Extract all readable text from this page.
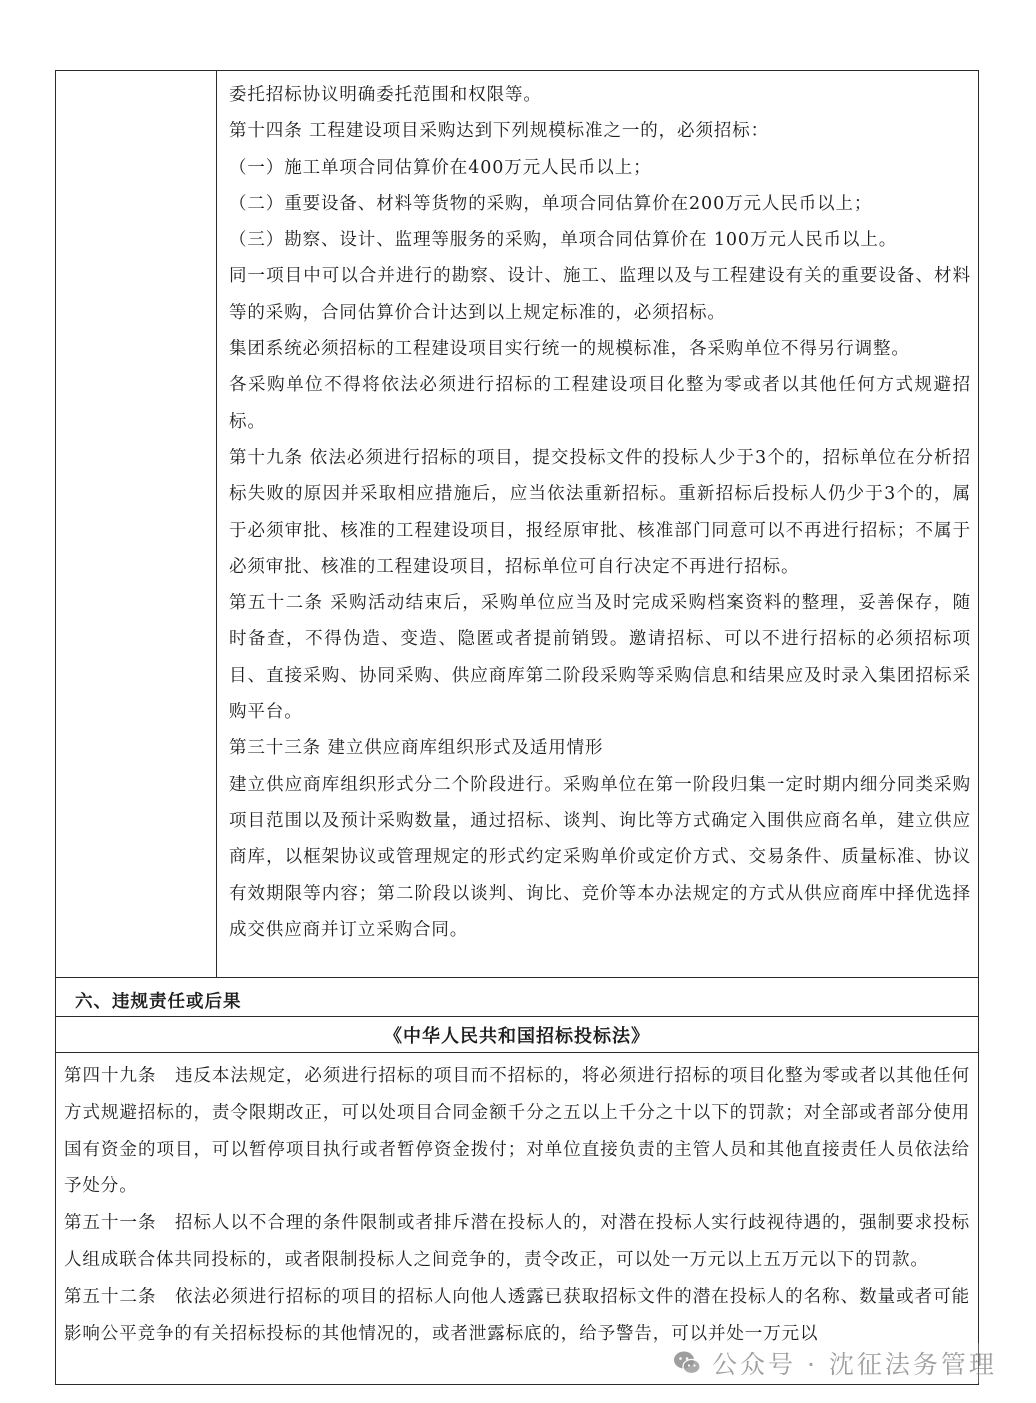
委托招标协议明确委托范围和权限等。

第十四条 工程建设项目采购达到下列规模标准之一的，必须招标：

（一）施工单项合同估算价在400万元人民币以上；

（二）重要设备、材料等货物的采购，单项合同估算价在200万元人民币以上；

（三）勘察、设计、监理等服务的采购，单项合同估算价在 100万元人民币以上。

同一项目中可以合并进行的勘察、设计、施工、监理以及与工程建设有关的重要设备、材料等的采购，合同估算价合计达到以上规定标准的，必须招标。

集团系统必须招标的工程建设项目实行统一的规模标准，各采购单位不得另行调整。

各采购单位不得将依法必须进行招标的工程建设项目化整为零或者以其他任何方式规避招标。

第十九条 依法必须进行招标的项目，提交投标文件的投标人少于3个的，招标单位在分析招标失败的原因并采取相应措施后，应当依法重新招标。重新招标后投标人仍少于3个的，属于必须审批、核准的工程建设项目，报经原审批、核准部门同意可以不再进行招标；不属于必须审批、核准的工程建设项目，招标单位可自行决定不再进行招标。

第五十二条 采购活动结束后，采购单位应当及时完成采购档案资料的整理，妥善保存，随时备查，不得伪造、变造、隐匿或者提前销毁。邀请招标、可以不进行招标的必须招标项目、直接采购、协同采购、供应商库第二阶段采购等采购信息和结果应及时录入集团招标采购平台。

第三十三条 建立供应商库组织形式及适用情形

建立供应商库组织形式分二个阶段进行。采购单位在第一阶段归集一定时期内细分同类采购项目范围以及预计采购数量，通过招标、谈判、询比等方式确定入围供应商名单，建立供应商库，以框架协议或管理规定的形式约定采购单价或定价方式、交易条件、质量标准、协议有效期限等内容；第二阶段以谈判、询比、竞价等本办法规定的方式从供应商库中择优选择成交供应商并订立采购合同。

六、违规责任或后果
《中华人民共和国招标投标法》

第四十九条　违反本法规定，必须进行招标的项目而不招标的，将必须进行招标的项目化整为零或者以其他任何方式规避招标的，责令限期改正，可以处项目合同金额千分之五以上千分之十以下的罚款；对全部或者部分使用国有资金的项目，可以暂停项目执行或者暂停资金拨付；对单位直接负责的主管人员和其他直接责任人员依法给予处分。

第五十一条　招标人以不合理的条件限制或者排斥潜在投标人的，对潜在投标人实行歧视待遇的，强制要求投标人组成联合体共同投标的，或者限制投标人之间竞争的，责令改正，可以处一万元以上五万元以下的罚款。

第五十二条　依法必须进行招标的项目的招标人向他人透露已获取招标文件的潜在投标人的名称、数量或者可能影响公平竞争的有关招标投标的其他情况的，或者泄露标底的，给予警告，可以并处一万元以

公众号 · 沈征法务管理
